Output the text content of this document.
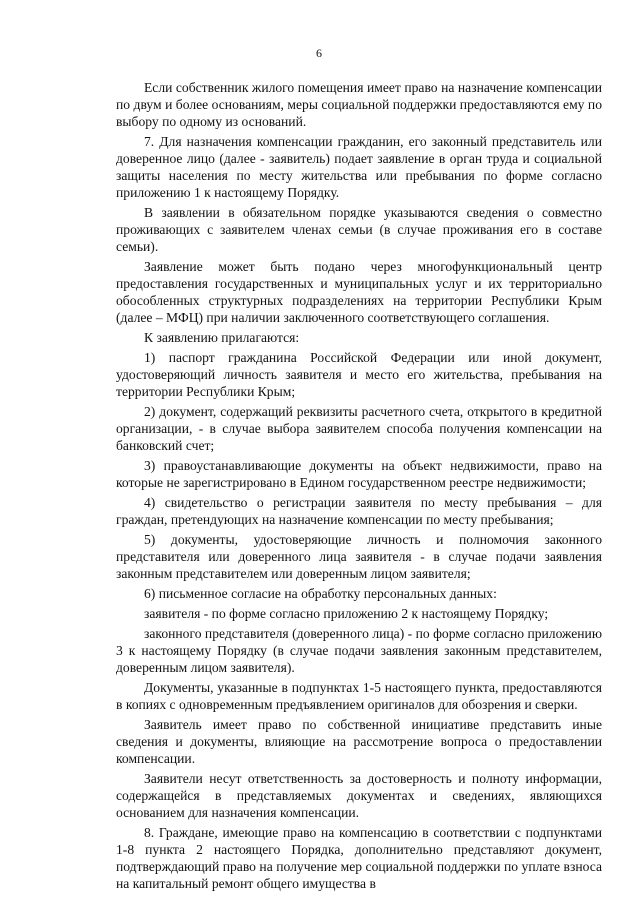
6

Если собственник жилого помещения имеет право на назначение компенсации по двум и более основаниям, меры социальной поддержки предоставляются ему по выбору по одному из оснований.

7. Для назначения компенсации гражданин, его законный представитель или доверенное лицо (далее - заявитель) подает заявление в орган труда и социальной защиты населения по месту жительства или пребывания по форме согласно приложению 1 к настоящему Порядку.

В заявлении в обязательном порядке указываются сведения о совместно проживающих с заявителем членах семьи (в случае проживания его в составе семьи).

Заявление может быть подано через многофункциональный центр предоставления государственных и муниципальных услуг и их территориально обособленных структурных подразделениях на территории Республики Крым (далее – МФЦ) при наличии заключенного соответствующего соглашения.

К заявлению прилагаются:

1) паспорт гражданина Российской Федерации или иной документ, удостоверяющий личность заявителя и место его жительства, пребывания на территории Республики Крым;

2) документ, содержащий реквизиты расчетного счета, открытого в кредитной организации, - в случае выбора заявителем способа получения компенсации на банковский счет;

3) правоустанавливающие документы на объект недвижимости, право на которые не зарегистрировано в Едином государственном реестре недвижимости;

4) свидетельство о регистрации заявителя по месту пребывания – для граждан, претендующих на назначение компенсации по месту пребывания;

5) документы, удостоверяющие личность и полномочия законного представителя или доверенного лица заявителя - в случае подачи заявления законным представителем или доверенным лицом заявителя;

6) письменное согласие на обработку персональных данных:

заявителя - по форме согласно приложению 2 к настоящему Порядку;

законного представителя (доверенного лица) - по форме согласно приложению 3 к настоящему Порядку (в случае подачи заявления законным представителем, доверенным лицом заявителя).

Документы, указанные в подпунктах 1-5 настоящего пункта, предоставляются в копиях с одновременным предъявлением оригиналов для обозрения и сверки.

Заявитель имеет право по собственной инициативе представить иные сведения и документы, влияющие на рассмотрение вопроса о предоставлении компенсации.

Заявители несут ответственность за достоверность и полноту информации, содержащейся в представляемых документах и сведениях, являющихся основанием для назначения компенсации.

8. Граждане, имеющие право на компенсацию в соответствии с подпунктами 1-8 пункта 2 настоящего Порядка, дополнительно представляют документ, подтверждающий право на получение мер социальной поддержки по уплате взноса на капитальный ремонт общего имущества в
